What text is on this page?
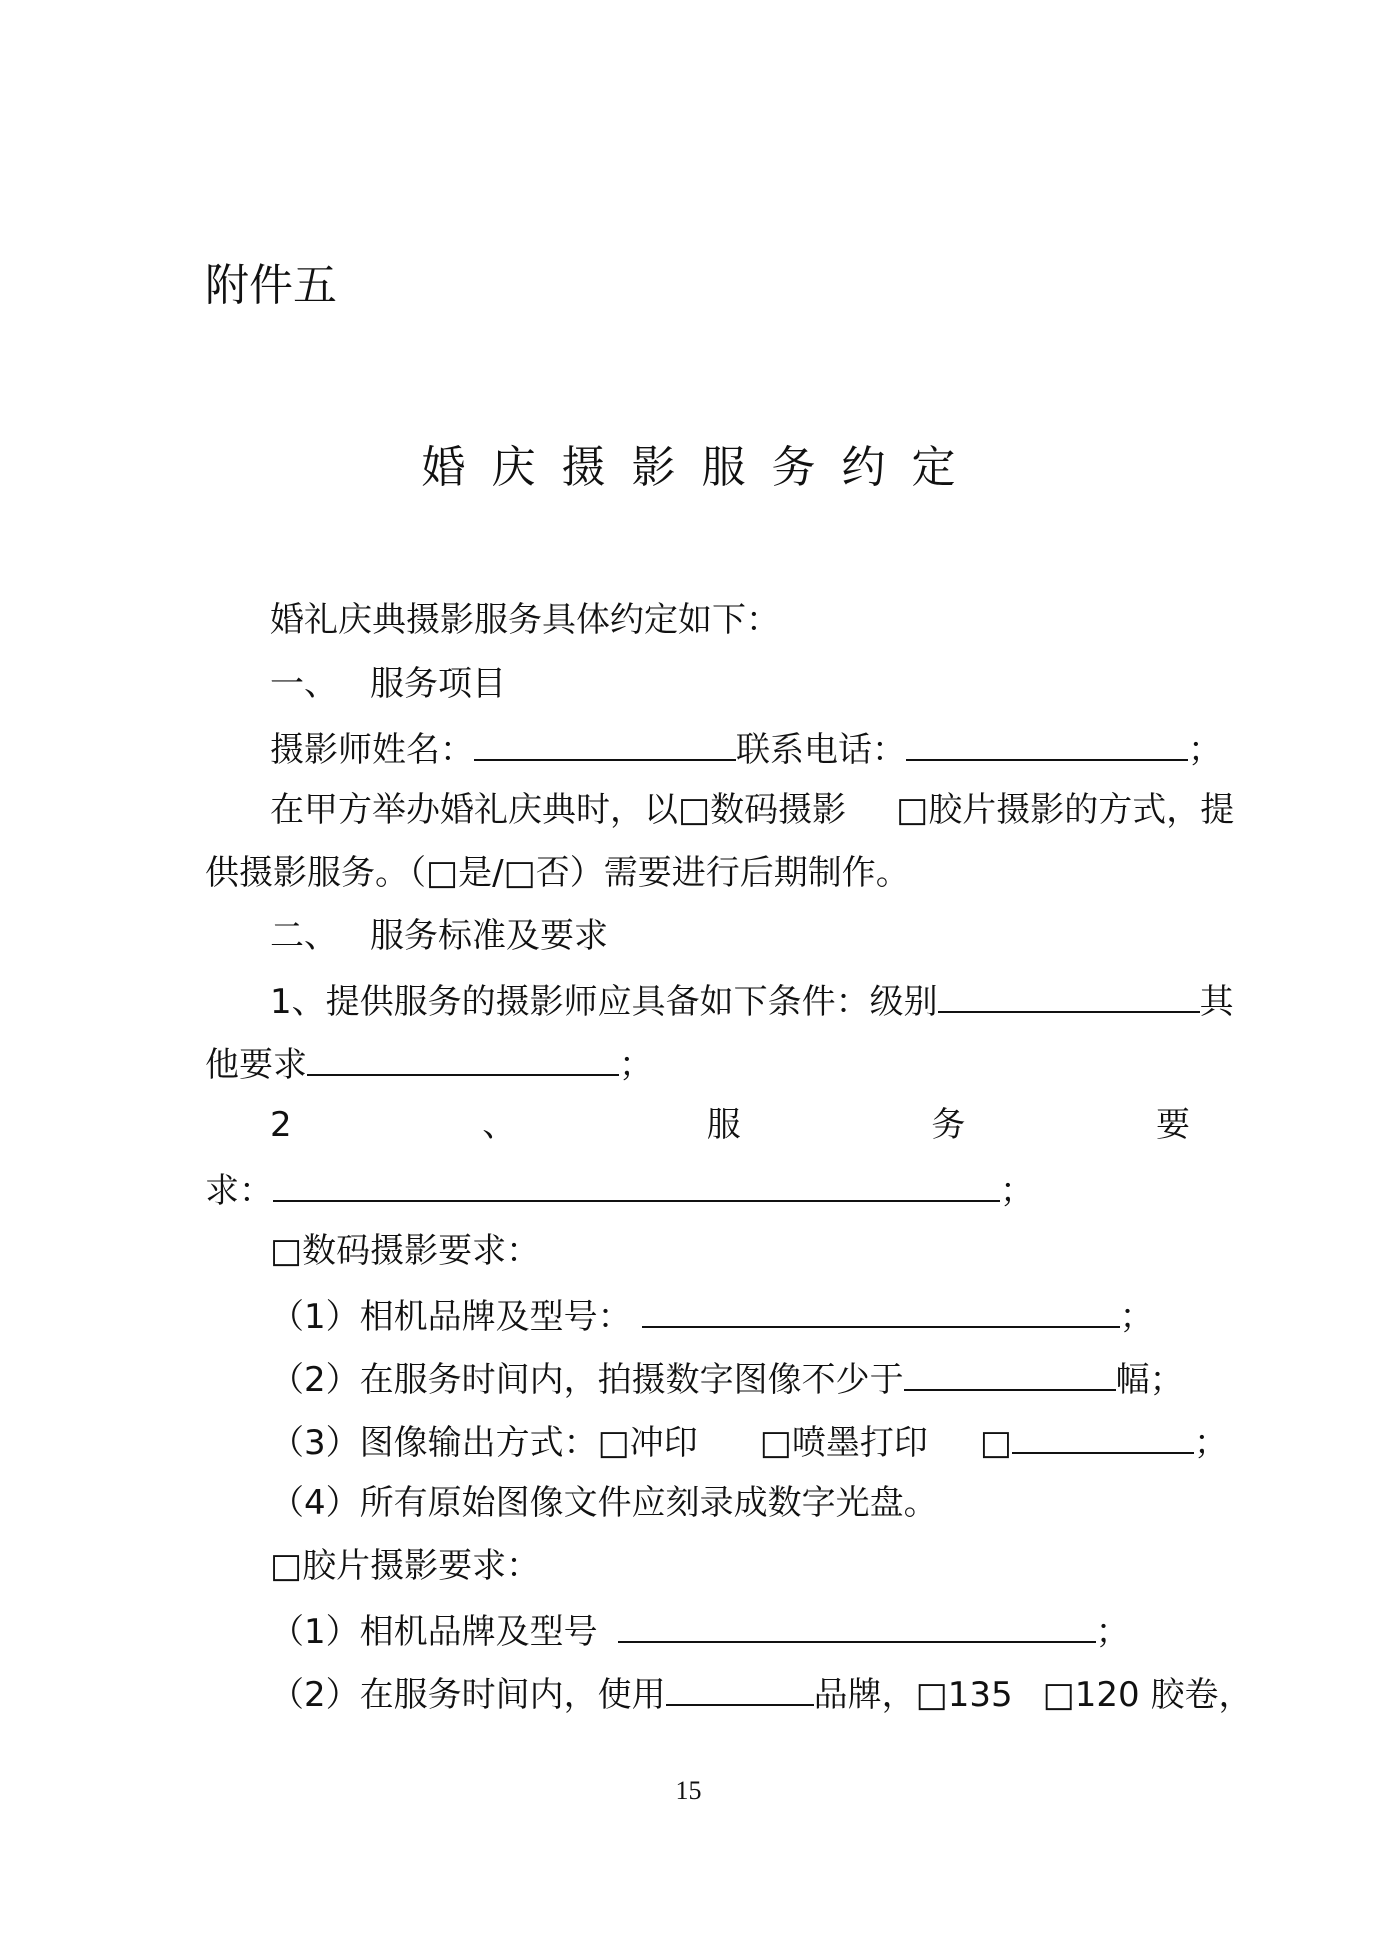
附件五
婚庆摄影服务约定
婚礼庆典摄影服务具体约定如下：
一、 服务项目
摄影师姓名：	联系电话：	；
在甲方举办婚礼庆典时，以□数码摄影 □胶片摄影的方式，提
供摄影服务。（□是/□否）需要进行后期制作。
二、 服务标准及要求
1、提供服务的摄影师应具备如下条件：级别	其
他要求	；
2	、	服	务	要
求：	；
□数码摄影要求：
（1）相机品牌及型号：	；
（2）在服务时间内，拍摄数字图像不少于	幅；
（3）图像输出方式：□冲印 □喷墨打印 □	；
（4）所有原始图像文件应刻录成数字光盘。
□胶片摄影要求：
（1）相机品牌及型号	；
（2）在服务时间内，使用	品牌，□135 □120 胶卷，
15
